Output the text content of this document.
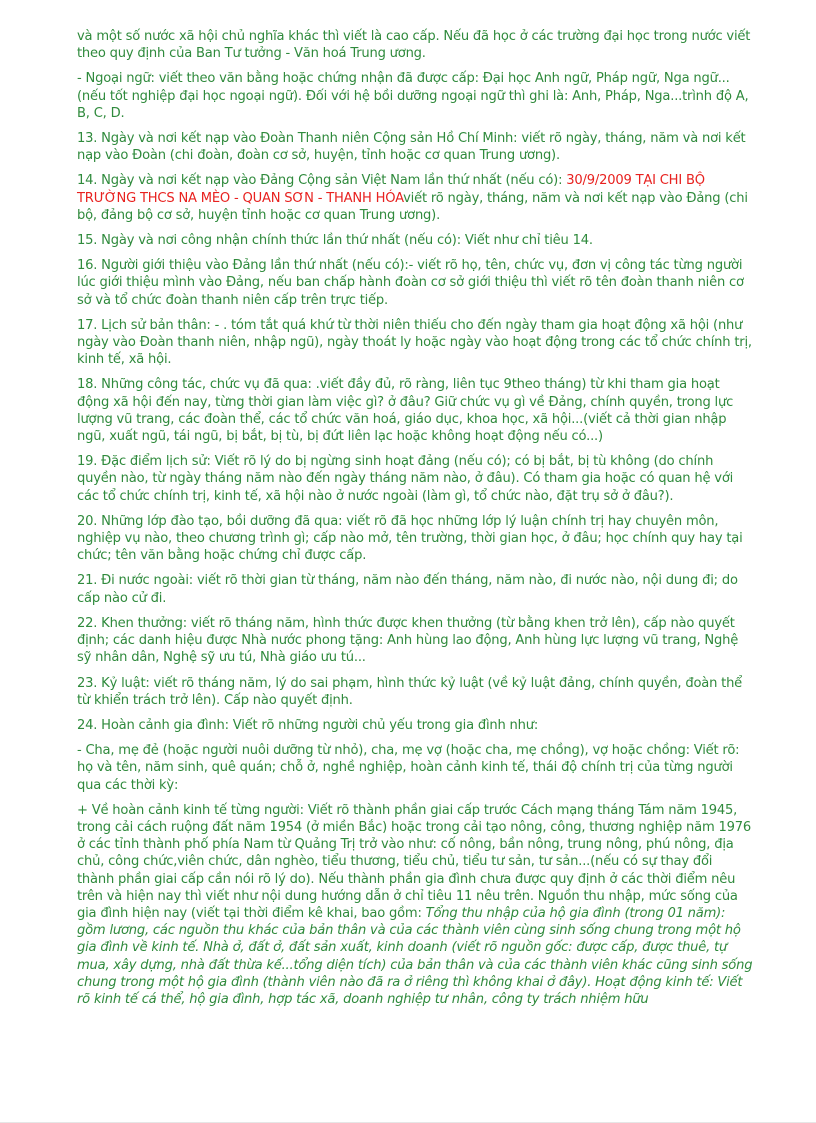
và một số nước xã hội chủ nghĩa khác thì viết là cao cấp. Nếu đã học ở các trường đại học trong nước viết theo quy định của Ban Tư tưởng - Văn hoá Trung ương.

- Ngoại ngữ: viết theo văn bằng hoặc chứng nhận đã được cấp: Đại học Anh ngữ, Pháp ngữ, Nga ngữ...(nếu tốt nghiệp đại học ngoại ngữ). Đối với hệ bồi dưỡng ngoại ngữ thì ghi là: Anh, Pháp, Nga...trình độ A, B, C, D.

13. Ngày và nơi kết nạp vào Đoàn Thanh niên Cộng sản Hồ Chí Minh: viết rõ ngày, tháng, năm và nơi kết nạp vào Đoàn (chi đoàn, đoàn cơ sở, huyện, tỉnh hoặc cơ quan Trung ương).

14. Ngày và nơi kết nạp vào Đảng Cộng sản Việt Nam lần thứ nhất (nếu có): 30/9/2009 TẠI CHI BỘ TRƯỜNG THCS NA MÈO - QUAN SƠN - THANH HÓAviết rõ ngày, tháng, năm và nơi kết nạp vào Đảng (chi bộ, đảng bộ cơ sở, huyện tỉnh hoặc cơ quan Trung ương).

15. Ngày và nơi công nhận chính thức lần thứ nhất (nếu có): Viết như chỉ tiêu 14.

16. Người giới thiệu vào Đảng lần thứ nhất (nếu có):- viết rõ họ, tên, chức vụ, đơn vị công tác từng người lúc giới thiệu mình vào Đảng, nếu ban chấp hành đoàn cơ sở giới thiệu thì viết rõ tên đoàn thanh niên cơ sở và tổ chức đoàn thanh niên cấp trên trực tiếp.

17. Lịch sử bản thân: - . tóm tắt quá khứ từ thời niên thiếu cho đến ngày tham gia hoạt động xã hội (như ngày vào Đoàn thanh niên, nhập ngũ), ngày thoát ly hoặc ngày vào hoạt động trong các tổ chức chính trị, kinh tế, xã hội.

18. Những công tác, chức vụ đã qua: .viết đầy đủ, rõ ràng, liên tục 9theo tháng) từ khi tham gia hoạt động xã hội đến nay, từng thời gian làm việc gì? ở đâu? Giữ chức vụ gì về Đảng, chính quyền, trong lực lượng vũ trang, các đoàn thể, các tổ chức văn hoá, giáo dục, khoa học, xã hội...(viết cả thời gian nhập ngũ, xuất ngũ, tái ngũ, bị bắt, bị tù, bị đứt liên lạc hoặc không hoạt động nếu có...)

19. Đặc điểm lịch sử: Viết rõ lý do bị ngừng sinh hoạt đảng (nếu có); có bị bắt, bị tù không (do chính quyền nào, từ ngày tháng năm nào đến ngày tháng năm nào, ở đâu). Có tham gia hoặc có quan hệ với các tổ chức chính trị, kinh tế, xã hội nào ở nước ngoài (làm gì, tổ chức nào, đặt trụ sở ở đâu?).

20. Những lớp đào tạo, bồi dưỡng đã qua: viết rõ đã học những lớp lý luận chính trị hay chuyên môn, nghiệp vụ nào, theo chương trình gì; cấp nào mở, tên trường, thời gian học, ở đâu; học chính quy hay tại chức; tên văn bằng hoặc chứng chỉ được cấp.

21. Đi nước ngoài: viết rõ thời gian từ tháng, năm nào đến tháng, năm nào, đi nước nào, nội dung đi; do cấp nào cử đi.

22. Khen thưởng: viết rõ tháng năm, hình thức được khen thưởng (từ bằng khen trở lên), cấp nào quyết định; các danh hiệu được Nhà nước phong tặng: Anh hùng lao động, Anh hùng lực lượng vũ trang, Nghệ sỹ nhân dân, Nghệ sỹ ưu tú, Nhà giáo ưu tú...

23. Kỷ luật: viết rõ tháng năm, lý do sai phạm, hình thức kỷ luật (về kỷ luật đảng, chính quyền, đoàn thể từ khiển trách trở lên). Cấp nào quyết định.

24. Hoàn cảnh gia đình: Viết rõ những người chủ yếu trong gia đình như:

- Cha, mẹ đẻ (hoặc người nuôi dưỡng từ nhỏ), cha, mẹ vợ (hoặc cha, mẹ chồng), vợ hoặc chồng: Viết rõ: họ và tên, năm sinh, quê quán; chỗ ở, nghề nghiệp, hoàn cảnh kinh tế, thái độ chính trị của từng người qua các thời kỳ:

+ Về hoàn cảnh kinh tế từng người: Viết rõ thành phần giai cấp trước Cách mạng tháng Tám năm 1945, trong cải cách ruộng đất năm 1954 (ở miền Bắc) hoặc trong cải tạo nông, công, thương nghiệp năm 1976 ở các tỉnh thành phố phía Nam từ Quảng Trị trở vào như: cố nông, bần nông, trung nông, phú nông, địa chủ, công chức,viên chức, dân nghèo, tiểu thương, tiểu chủ, tiểu tư sản, tư sản...(nếu có sự thay đổi thành phần giai cấp cần nói rõ lý do). Nếu thành phần gia đình chưa được quy định ở các thời điểm nêu trên và hiện nay thì viết như nội dung hướng dẫn ở chỉ tiêu 11 nêu trên. Nguồn thu nhập, mức sống của gia đình hiện nay (viết tại thời điểm kê khai, bao gồm: Tổng thu nhập của hộ gia đình (trong 01 năm): gồm lương, các nguồn thu khác của bản thân và của các thành viên cùng sinh sống chung trong một hộ gia đình về kinh tế. Nhà ở, đất ở, đất sản xuất, kinh doanh (viết rõ nguồn gốc: được cấp, được thuê, tự mua, xây dựng, nhà đất thừa kế...tổng diện tích) của bản thân và của các thành viên khác cũng sinh sống chung trong một hộ gia đình (thành viên nào đã ra ở riêng thì không khai ở đây). Hoạt động kinh tế: Viết rõ kinh tế cá thể, hộ gia đình, hợp tác xã, doanh nghiệp tư nhân, công ty trách nhiệm hữu
